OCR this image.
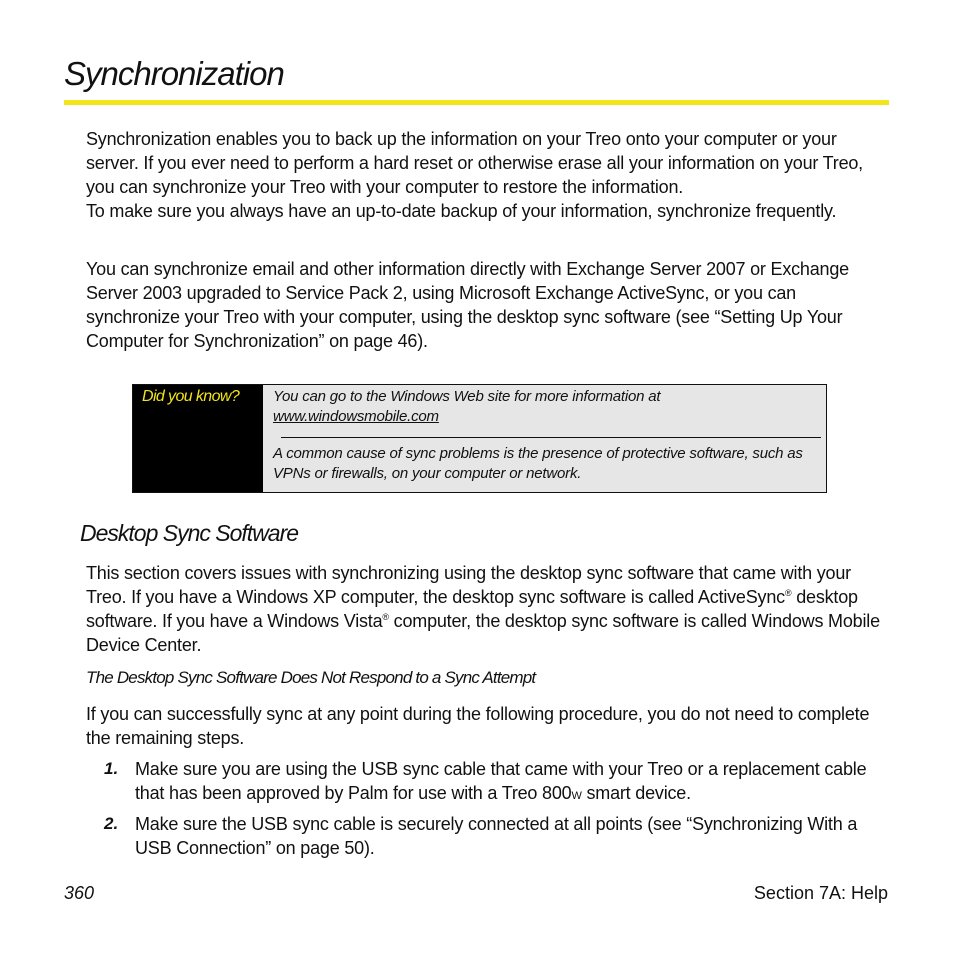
Synchronization

Synchronization enables you to back up the information on your Treo onto your computer or your server. If you ever need to perform a hard reset or otherwise erase all your information on your Treo, you can synchronize your Treo with your computer to restore the information.

To make sure you always have an up-to-date backup of your information, synchronize frequently.

You can synchronize email and other information directly with Exchange Server 2007 or Exchange Server 2003 upgraded to Service Pack 2, using Microsoft Exchange ActiveSync, or you can synchronize your Treo with your computer, using the desktop sync software (see “Setting Up Your Computer for Synchronization” on page 46).

Did you know?	You can go to the Windows Web site for more information at
www.windowsmobile.com

A common cause of sync problems is the presence of protective software, such as VPNs or firewalls, on your computer or network.

Desktop Sync Software

This section covers issues with synchronizing using the desktop sync software that came with your Treo. If you have a Windows XP computer, the desktop sync software is called ActiveSync® desktop software. If you have a Windows Vista® computer, the desktop sync software is called Windows Mobile Device Center.

The Desktop Sync Software Does Not Respond to a Sync Attempt

If you can successfully sync at any point during the following procedure, you do not need to complete the remaining steps.

1. Make sure you are using the USB sync cable that came with your Treo or a replacement cable that has been approved by Palm for use with a Treo 800W smart device.

2. Make sure the USB sync cable is securely connected at all points (see “Synchronizing With a USB Connection” on page 50).

360	Section 7A: Help
